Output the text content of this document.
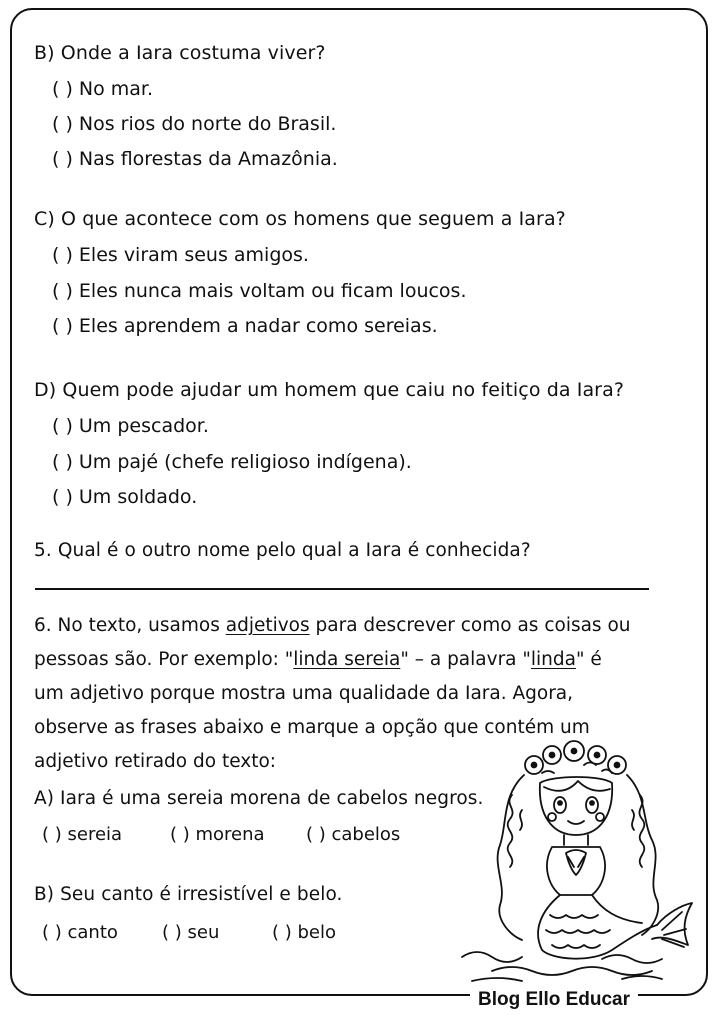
B) Onde a Iara costuma viver?
( ) No mar.
( ) Nos rios do norte do Brasil.
( ) Nas florestas da Amazônia.
C) O que acontece com os homens que seguem a Iara?
( ) Eles viram seus amigos.
( ) Eles nunca mais voltam ou ficam loucos.
( ) Eles aprendem a nadar como sereias.
D) Quem pode ajudar um homem que caiu no feitiço da Iara?
( ) Um pescador.
( ) Um pajé (chefe religioso indígena).
( ) Um soldado.
5. Qual é o outro nome pelo qual a Iara é conhecida?
6. No texto, usamos adjetivos para descrever como as coisas ou
pessoas são. Por exemplo: "linda sereia" – a palavra "linda" é
um adjetivo porque mostra uma qualidade da Iara. Agora,
observe as frases abaixo e marque a opção que contém um
adjetivo retirado do texto:
A) Iara é uma sereia morena de cabelos negros.
( ) sereia	( ) morena ( ) cabelos
B) Seu canto é irresistível e belo.
( ) canto ( ) seu	( ) belo
Blog Ello Educar
